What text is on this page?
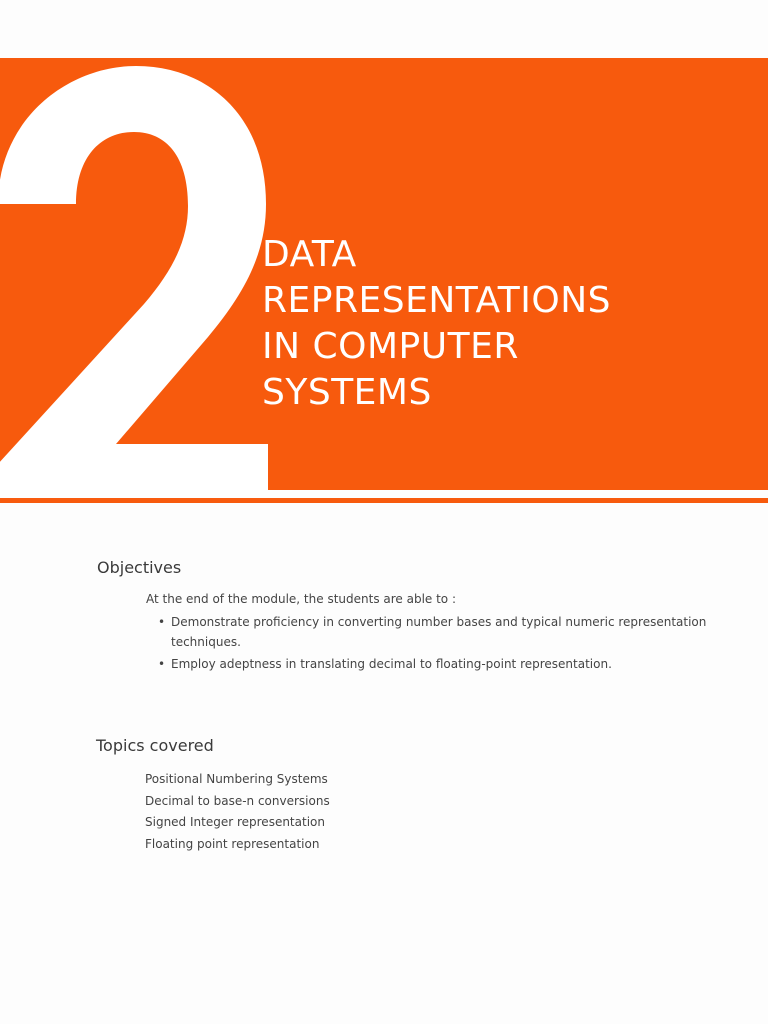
DATA
REPRESENTATIONS
IN COMPUTER
SYSTEMS
Objectives

At the end of the module, the students are able to :

• Demonstrate proficiency in converting number bases and typical numeric representation techniques.
• Employ adeptness in translating decimal to floating-point representation.
Topics covered
Positional Numbering Systems
Decimal to base-n conversions
Signed Integer representation
Floating point representation
